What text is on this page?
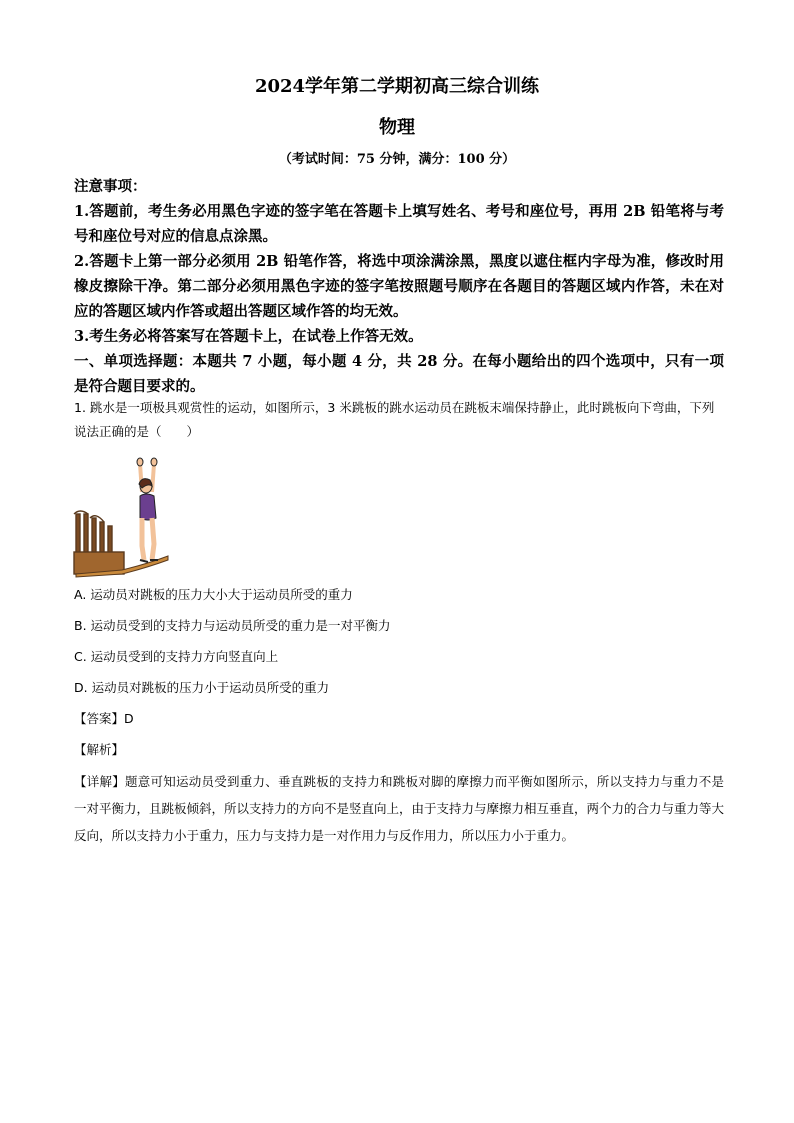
2024学年第二学期初高三综合训练
物理
（考试时间：75 分钟，满分：100 分）

注意事项：

1.答题前，考生务必用黑色字迹的签字笔在答题卡上填写姓名、考号和座位号，再用 2B 铅笔将与考号和座位号对应的信息点涂黑。

2.答题卡上第一部分必须用 2B 铅笔作答，将选中项涂满涂黑，黑度以遮住框内字母为准，修改时用橡皮擦除干净。第二部分必须用黑色字迹的签字笔按照题号顺序在各题目的答题区域内作答，未在对应的答题区域内作答或超出答题区域作答的均无效。

3.考生务必将答案写在答题卡上，在试卷上作答无效。

一、单项选择题：本题共 7 小题，每小题 4 分，共 28 分。在每小题给出的四个选项中，只有一项是符合题目要求的。

1. 跳水是一项极具观赏性的运动，如图所示，3 米跳板的跳水运动员在跳板末端保持静止，此时跳板向下弯曲，下列说法正确的是（　　）

A. 运动员对跳板的压力大小大于运动员所受的重力
B. 运动员受到的支持力与运动员所受的重力是一对平衡力
C. 运动员受到的支持力方向竖直向上
D. 运动员对跳板的压力小于运动员所受的重力
【答案】D
【解析】
【详解】题意可知运动员受到重力、垂直跳板的支持力和跳板对脚的摩擦力而平衡如图所示，所以支持力与重力不是一对平衡力，且跳板倾斜，所以支持力的方向不是竖直向上，由于支持力与摩擦力相互垂直，两个力的合力与重力等大反向，所以支持力小于重力，压力与支持力是一对作用力与反作用力，所以压力小于重力。
